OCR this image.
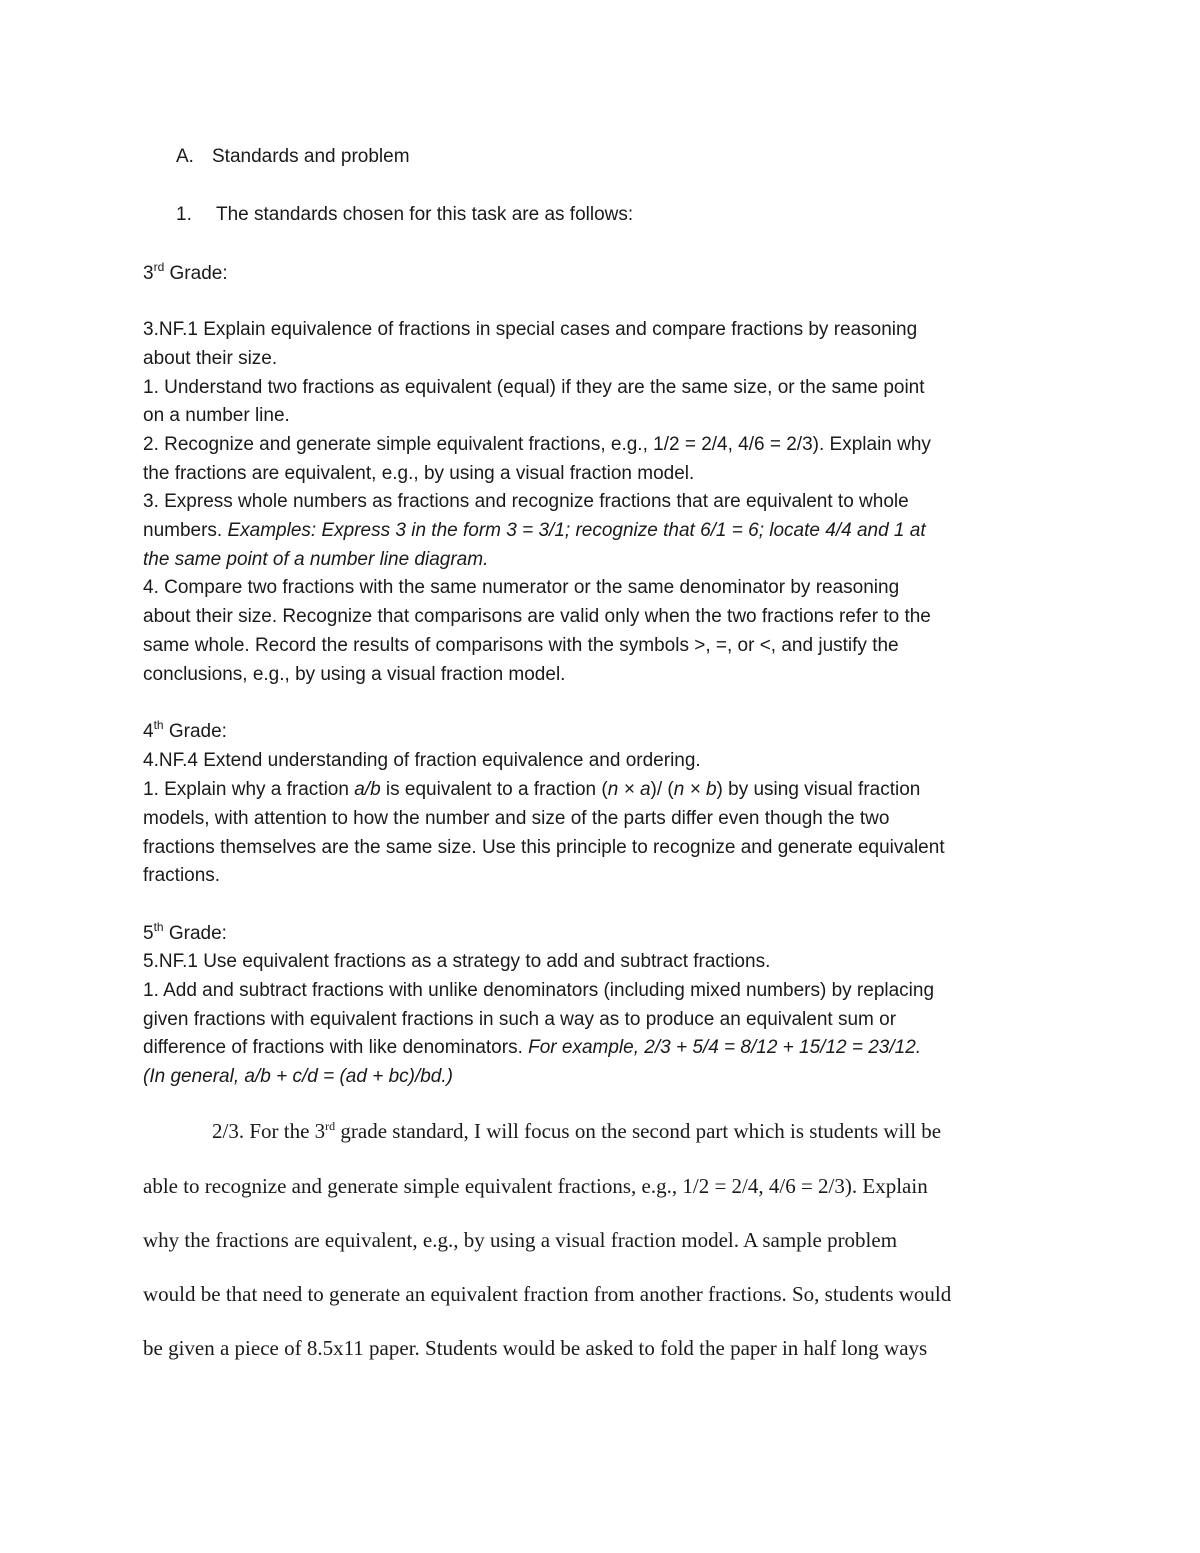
A. Standards and problem
1. The standards chosen for this task are as follows:
3rd Grade:
3.NF.1 Explain equivalence of fractions in special cases and compare fractions by reasoning
about their size.
1. Understand two fractions as equivalent (equal) if they are the same size, or the same point
on a number line.
2. Recognize and generate simple equivalent fractions, e.g., 1/2 = 2/4, 4/6 = 2/3). Explain why
the fractions are equivalent, e.g., by using a visual fraction model.
3. Express whole numbers as fractions and recognize fractions that are equivalent to whole
numbers. Examples: Express 3 in the form 3 = 3/1; recognize that 6/1 = 6; locate 4/4 and 1 at
the same point of a number line diagram.
4. Compare two fractions with the same numerator or the same denominator by reasoning
about their size. Recognize that comparisons are valid only when the two fractions refer to the
same whole. Record the results of comparisons with the symbols >, =, or <, and justify the
conclusions, e.g., by using a visual fraction model.
4th Grade:
4.NF.4 Extend understanding of fraction equivalence and ordering.
1. Explain why a fraction a/b is equivalent to a fraction (n × a)/ (n × b) by using visual fraction
models, with attention to how the number and size of the parts differ even though the two
fractions themselves are the same size. Use this principle to recognize and generate equivalent
fractions.
5th Grade:
5.NF.1 Use equivalent fractions as a strategy to add and subtract fractions.
1. Add and subtract fractions with unlike denominators (including mixed numbers) by replacing
given fractions with equivalent fractions in such a way as to produce an equivalent sum or
difference of fractions with like denominators. For example, 2/3 + 5/4 = 8/12 + 15/12 = 23/12.
(In general, a/b + c/d = (ad + bc)/bd.)
2/3. For the 3rd grade standard, I will focus on the second part which is students will be
able to recognize and generate simple equivalent fractions, e.g., 1/2 = 2/4, 4/6 = 2/3). Explain
why the fractions are equivalent, e.g., by using a visual fraction model. A sample problem
would be that need to generate an equivalent fraction from another fractions. So, students would
be given a piece of 8.5x11 paper. Students would be asked to fold the paper in half long ways
